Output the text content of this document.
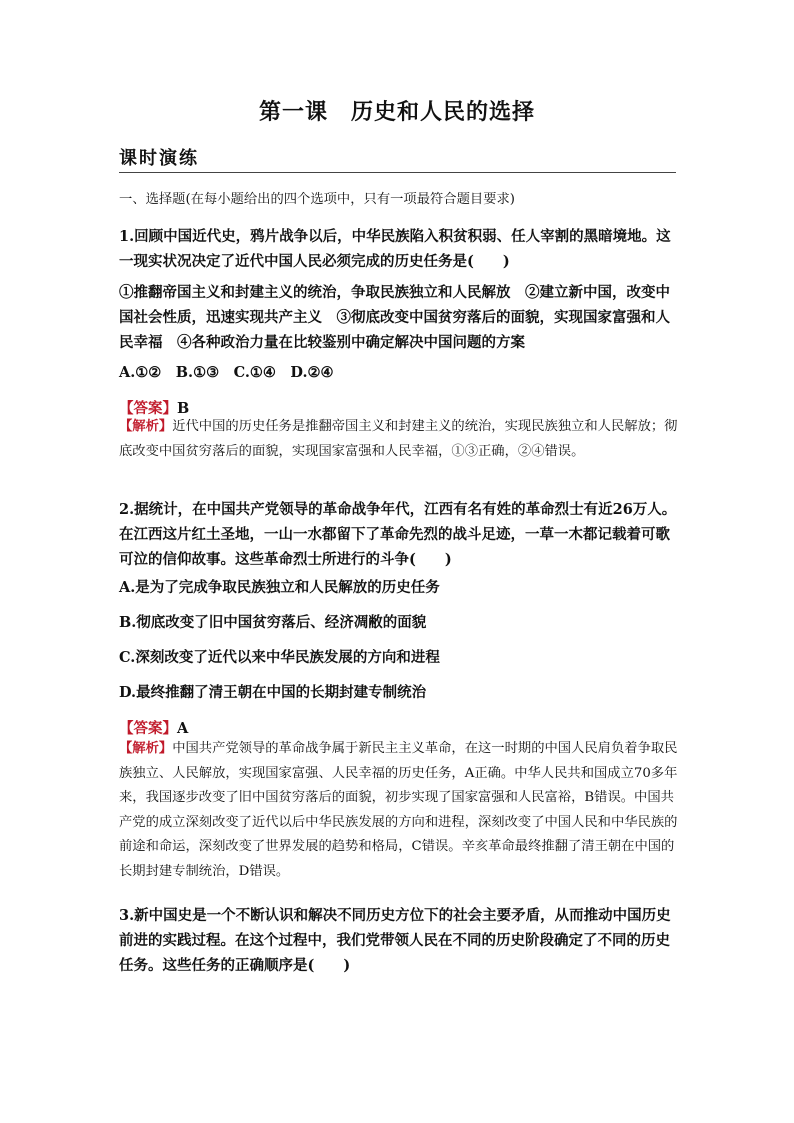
第一课　历史和人民的选择
课时演练
一、选择题(在每小题给出的四个选项中，只有一项最符合题目要求)

1.回顾中国近代史，鸦片战争以后，中华民族陷入积贫积弱、任人宰割的黑暗境地。这一现实状况决定了近代中国人民必须完成的历史任务是(　　)

①推翻帝国主义和封建主义的统治，争取民族独立和人民解放　②建立新中国，改变中国社会性质，迅速实现共产主义　③彻底改变中国贫穷落后的面貌，实现国家富强和人民幸福　④各种政治力量在比较鉴别中确定解决中国问题的方案

A.①②　B.①③　C.①④　D.②④

【答案】B
【解析】近代中国的历史任务是推翻帝国主义和封建主义的统治，实现民族独立和人民解放；彻底改变中国贫穷落后的面貌，实现国家富强和人民幸福，①③正确，②④错误。

2.据统计，在中国共产党领导的革命战争年代，江西有名有姓的革命烈士有近26万人。在江西这片红土圣地，一山一水都留下了革命先烈的战斗足迹，一草一木都记载着可歌可泣的信仰故事。这些革命烈士所进行的斗争(　　)

A.是为了完成争取民族独立和人民解放的历史任务

B.彻底改变了旧中国贫穷落后、经济凋敝的面貌

C.深刻改变了近代以来中华民族发展的方向和进程

D.最终推翻了清王朝在中国的长期封建专制统治

【答案】A
【解析】中国共产党领导的革命战争属于新民主主义革命，在这一时期的中国人民肩负着争取民族独立、人民解放，实现国家富强、人民幸福的历史任务，A正确。中华人民共和国成立70多年来，我国逐步改变了旧中国贫穷落后的面貌，初步实现了国家富强和人民富裕，B错误。中国共产党的成立深刻改变了近代以后中华民族发展的方向和进程，深刻改变了中国人民和中华民族的前途和命运，深刻改变了世界发展的趋势和格局，C错误。辛亥革命最终推翻了清王朝在中国的长期封建专制统治，D错误。

3.新中国史是一个不断认识和解决不同历史方位下的社会主要矛盾，从而推动中国历史前进的实践过程。在这个过程中，我们党带领人民在不同的历史阶段确定了不同的历史任务。这些任务的正确顺序是(　　)
